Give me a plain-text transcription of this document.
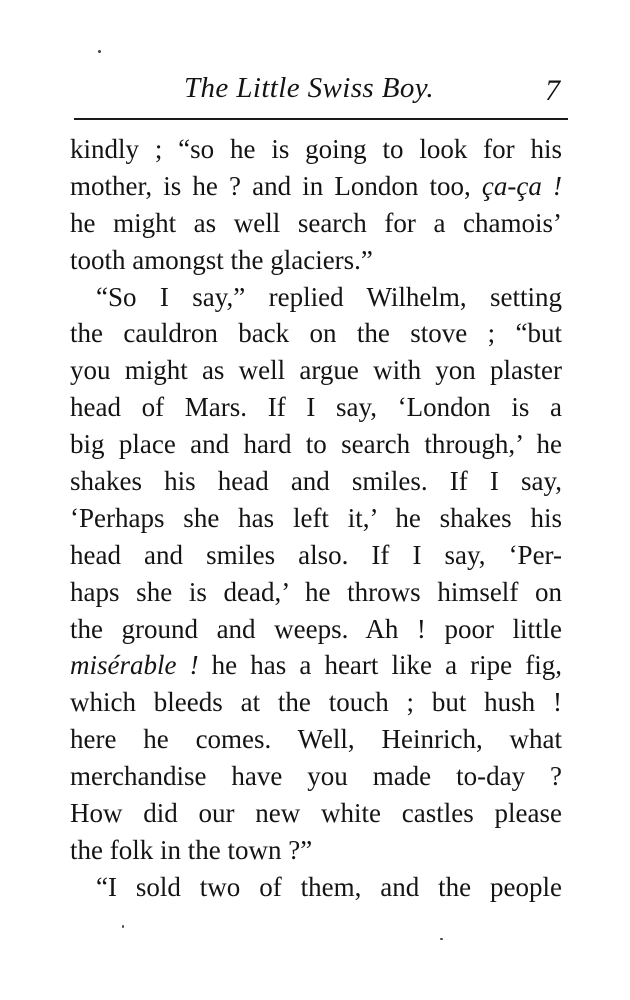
The Little Swiss Boy.	7
kindly ; “so he is going to look for his
mother, is he ? and in London too, ça-ça !
he might as well search for a chamois’
tooth amongst the glaciers.”
“So I say,” replied Wilhelm, setting
the cauldron back on the stove ; “but
you might as well argue with yon plaster
head of Mars. If I say, ‘London is a
big place and hard to search through,’ he
shakes his head and smiles. If I say,
‘Perhaps she has left it,’ he shakes his
head and smiles also. If I say, ‘Per-
haps she is dead,’ he throws himself on
the ground and weeps. Ah ! poor little
misérable ! he has a heart like a ripe fig,
which bleeds at the touch ; but hush !
here he comes. Well, Heinrich, what
merchandise have you made to-day ?
How did our new white castles please
the folk in the town ?”
“I sold two of them, and the people
